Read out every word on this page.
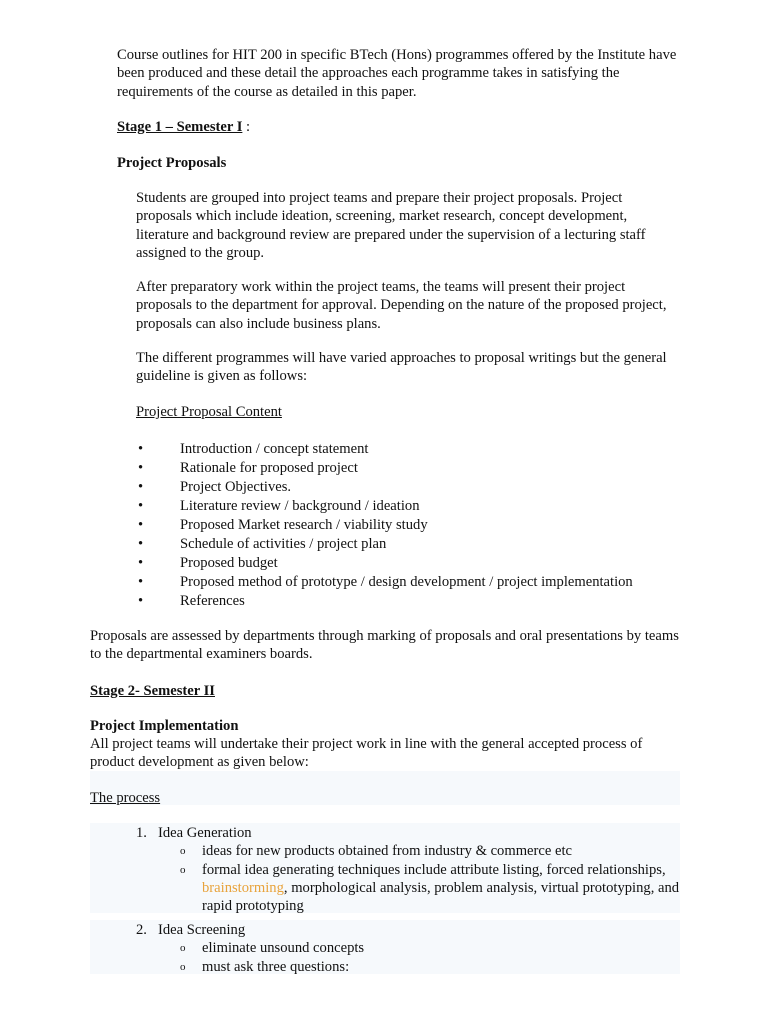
Course outlines for HIT 200 in specific BTech (Hons) programmes offered by the Institute have been produced and these detail the approaches each programme takes in satisfying the requirements of the course as detailed in this paper.

Stage 1 – Semester I :

Project Proposals

Students are grouped into project teams and prepare their project proposals. Project proposals which include ideation, screening, market research, concept development, literature and background review are prepared under the supervision of a lecturing staff assigned to the group.

After preparatory work within the project teams, the teams will present their project proposals to the department for approval. Depending on the nature of the proposed project, proposals can also include business plans.

The different programmes will have varied approaches to proposal writings but the general guideline is given as follows:

Project Proposal Content

• Introduction / concept statement
• Rationale for proposed project
• Project Objectives.
• Literature review / background / ideation
• Proposed Market research / viability study
• Schedule of activities / project plan
• Proposed budget
• Proposed method of prototype / design development / project implementation
• References

Proposals are assessed by departments through marking of proposals and oral presentations by teams to the departmental examiners boards.

Stage 2- Semester II

Project Implementation

All project teams will undertake their project work in line with the general accepted process of product development as given below:

The process

1. Idea Generation
o ideas for new products obtained from industry & commerce etc
o formal idea generating techniques include attribute listing, forced relationships, brainstorming, morphological analysis, problem analysis, virtual prototyping, and rapid prototyping
2. Idea Screening
o eliminate unsound concepts
o must ask three questions:
